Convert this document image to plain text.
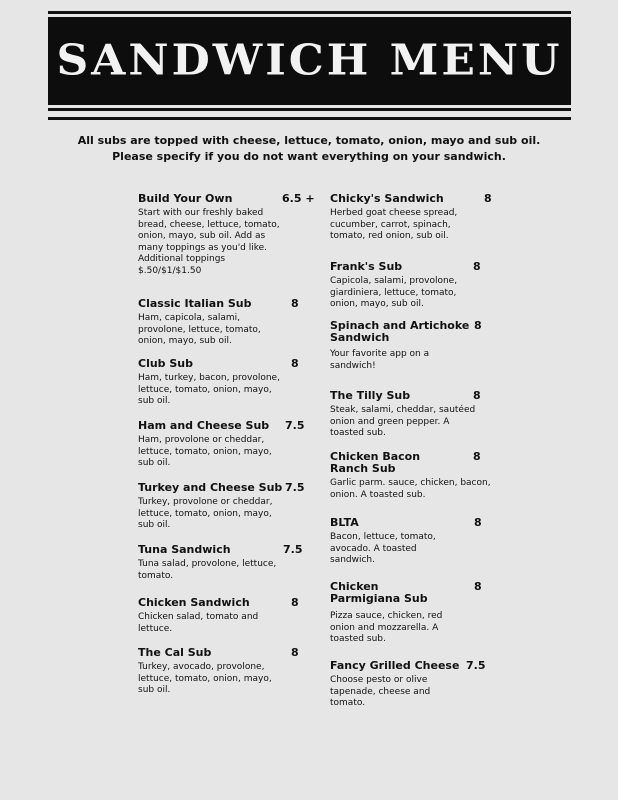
SANDWICH MENU

All subs are topped with cheese, lettuce, tomato, onion, mayo and sub oil. Please specify if you do not want everything on your sandwich.

Build Your Own	6.5 +
Start with our freshly baked bread, cheese, lettuce, tomato, onion, mayo, sub oil. Add as many toppings as you'd like.
Additional toppings $.50/$1/$1.50
Classic Italian Sub	8
Ham, capicola, salami, provolone, lettuce, tomato, onion, mayo, sub oil.
Club Sub	8
Ham, turkey, bacon, provolone, lettuce, tomato, onion, mayo, sub oil.
Ham and Cheese Sub	7.5
Ham, provolone or cheddar, lettuce, tomato, onion, mayo, sub oil.
Turkey and Cheese Sub 7.5
Turkey, provolone or cheddar, lettuce, tomato, onion, mayo, sub oil.
Tuna Sandwich	7.5
Tuna salad, provolone, lettuce, tomato.
Chicken Sandwich	8
Chicken salad, tomato and lettuce.
The Cal Sub	8
Turkey, avocado, provolone, lettuce, tomato, onion, mayo, sub oil.
Chicky's Sandwich	8
Herbed goat cheese spread, cucumber, carrot, spinach, tomato, red onion, sub oil.
Frank's Sub	8
Capicola, salami, provolone, giardiniera, lettuce, tomato, onion, mayo, sub oil.
Spinach and Artichoke Sandwich
8
Your favorite app on a sandwich!
The Tilly Sub	8
Steak, salami, cheddar, sautéed onion and green pepper. A toasted sub.
Chicken Bacon Ranch Sub
8
Garlic parm. sauce, chicken, bacon, onion. A toasted sub.
BLTA	8
Bacon, lettuce, tomato, avocado. A toasted sandwich.
Chicken Parmigiana Sub
8
Pizza sauce, chicken, red onion and mozzarella. A toasted sub.
Fancy Grilled Cheese 7.5
Choose pesto or olive tapenade, cheese and tomato.
